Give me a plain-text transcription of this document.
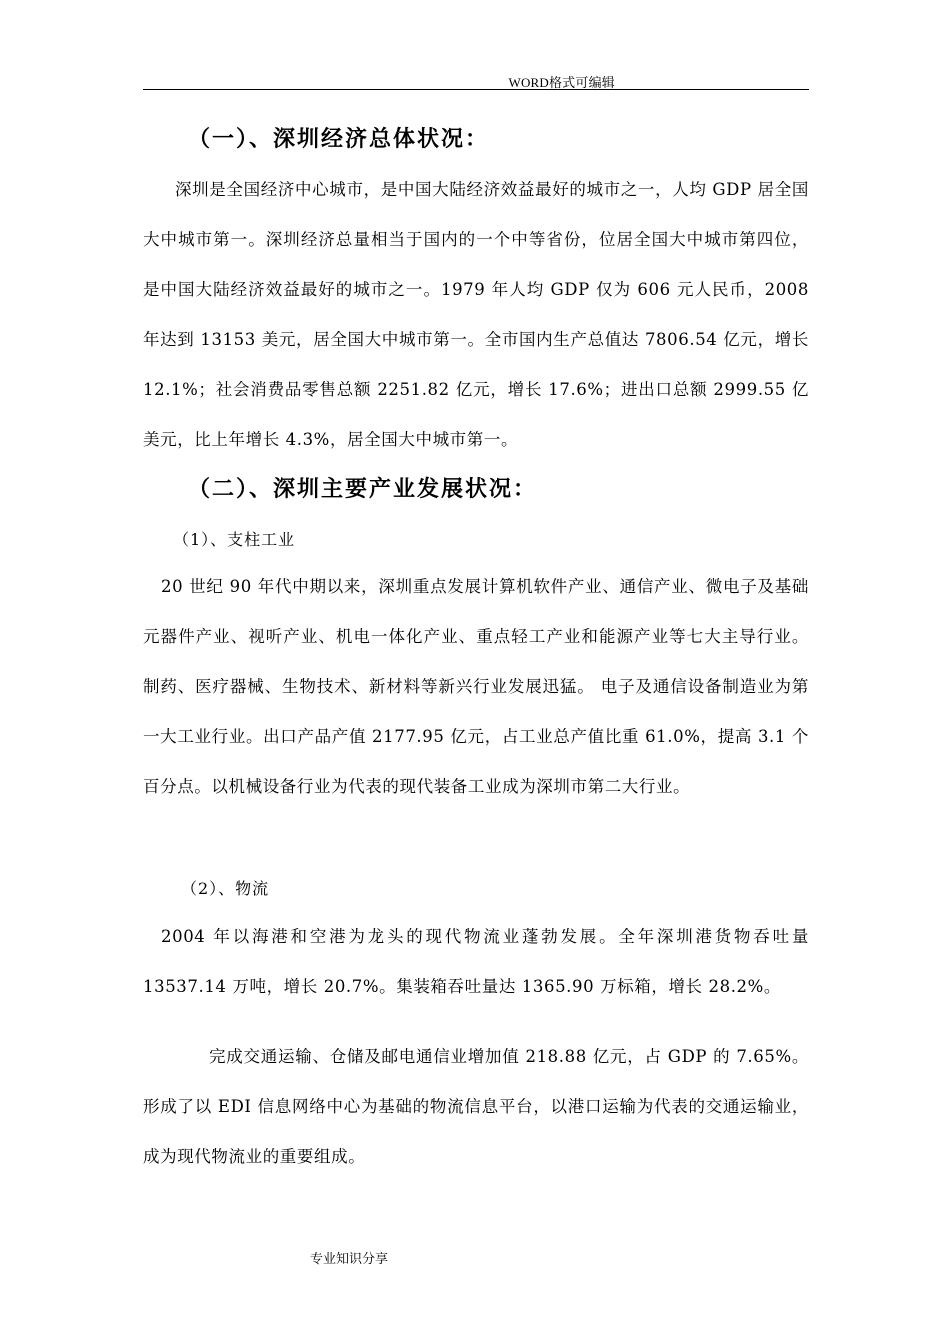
WORD格式可编辑
（一）、深圳经济总体状况：
深圳是全国经济中心城市，是中国大陆经济效益最好的城市之一，人均 GDP 居全国大中城市第一。深圳经济总量相当于国内的一个中等省份，位居全国大中城市第四位，是中国大陆经济效益最好的城市之一。1979 年人均 GDP 仅为 606 元人民币，2008 年达到 13153 美元，居全国大中城市第一。全市国内生产总值达 7806.54 亿元，增长 12.1%；社会消费品零售总额 2251.82 亿元，增长 17.6%；进出口总额 2999.55 亿美元，比上年增长 4.3%，居全国大中城市第一。
（二）、深圳主要产业发展状况：
（1）、支柱工业
20 世纪 90 年代中期以来，深圳重点发展计算机软件产业、通信产业、微电子及基础元器件产业、视听产业、机电一体化产业、重点轻工产业和能源产业等七大主导行业。制药、医疗器械、生物技术、新材料等新兴行业发展迅猛。 电子及通信设备制造业为第一大工业行业。出口产品产值 2177.95 亿元，占工业总产值比重 61.0%，提高 3.1 个百分点。以机械设备行业为代表的现代装备工业成为深圳市第二大行业。
（2）、物流
2004 年以海港和空港为龙头的现代物流业蓬勃发展。全年深圳港货物吞吐量 13537.14 万吨，增长 20.7%。集装箱吞吐量达 1365.90 万标箱，增长 28.2%。
完成交通运输、仓储及邮电通信业增加值 218.88 亿元，占 GDP 的 7.65%。形成了以 EDI 信息网络中心为基础的物流信息平台，以港口运输为代表的交通运输业，成为现代物流业的重要组成。
专业知识分享
